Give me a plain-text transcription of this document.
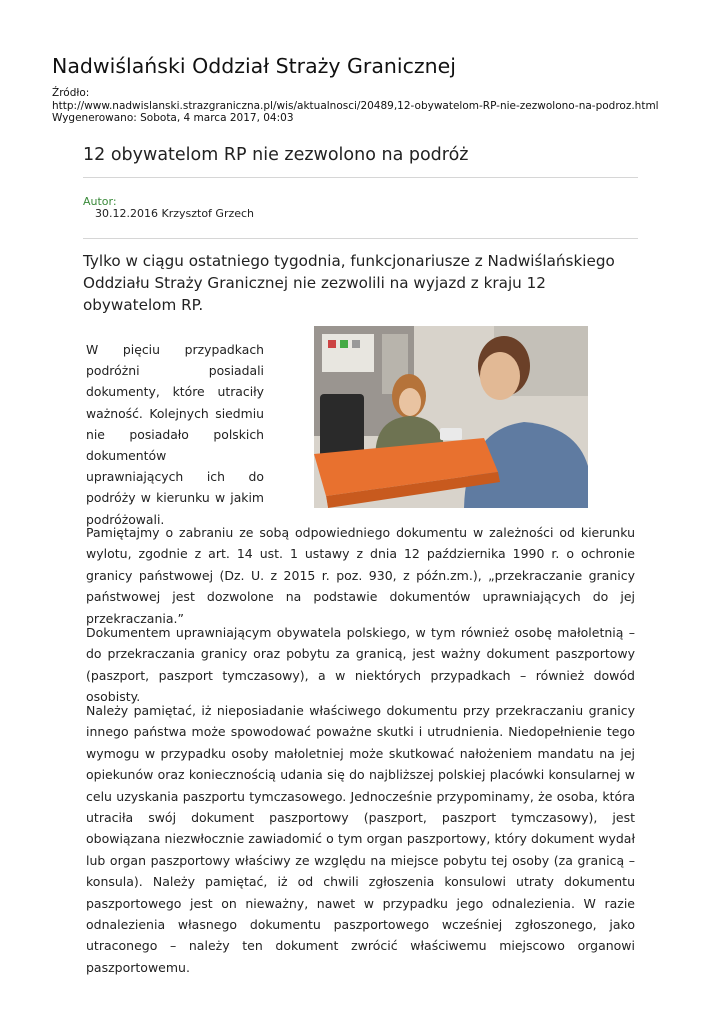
Nadwiślański Oddział Straży Granicznej
Źródło:
http://www.nadwislanski.strazgraniczna.pl/wis/aktualnosci/20489,12-obywatelom-RP-nie-zezwolono-na-podroz.html
Wygenerowano: Sobota, 4 marca 2017, 04:03
12 obywatelom RP nie zezwolono na podróż
Autor:
30.12.2016 Krzysztof Grzech

Tylko w ciągu ostatniego tygodnia, funkcjonariusze z Nadwiślańskiego Oddziału Straży Granicznej nie zezwolili na wyjazd z kraju 12 obywatelom RP.

W pięciu przypadkach podróżni posiadali dokumenty, które utraciły ważność. Kolejnych siedmiu nie posiadało polskich dokumentów uprawniających ich do podróży w kierunku w jakim podróżowali.

Pamiętajmy o zabraniu ze sobą odpowiedniego dokumentu w zależności od kierunku wylotu, zgodnie z art. 14 ust. 1 ustawy z dnia 12 października 1990 r. o ochronie granicy państwowej (Dz. U. z 2015 r. poz. 930, z późn.zm.), „przekraczanie granicy państwowej jest dozwolone na podstawie dokumentów uprawniających do jej przekraczania.”

Dokumentem uprawniającym obywatela polskiego, w tym również osobę małoletnią – do przekraczania granicy oraz pobytu za granicą, jest ważny dokument paszportowy (paszport, paszport tymczasowy), a w niektórych przypadkach – również dowód osobisty.

Należy pamiętać, iż nieposiadanie właściwego dokumentu przy przekraczaniu granicy innego państwa może spowodować poważne skutki i utrudnienia. Niedopełnienie tego wymogu w przypadku osoby małoletniej może skutkować nałożeniem mandatu na jej opiekunów oraz koniecznością udania się do najbliższej polskiej placówki konsularnej w celu uzyskania paszportu tymczasowego. Jednocześnie przypominamy, że osoba, która utraciła swój dokument paszportowy (paszport, paszport tymczasowy), jest obowiązana niezwłocznie zawiadomić o tym organ paszportowy, który dokument wydał lub organ paszportowy właściwy ze względu na miejsce pobytu tej osoby (za granicą – konsula). Należy pamiętać, iż od chwili zgłoszenia konsulowi utraty dokumentu paszportowego jest on nieważny, nawet w przypadku jego odnalezienia. W razie odnalezienia własnego dokumentu paszportowego wcześniej zgłoszonego, jako utraconego – należy ten dokument zwrócić właściwemu miejscowo organowi paszportowemu.
